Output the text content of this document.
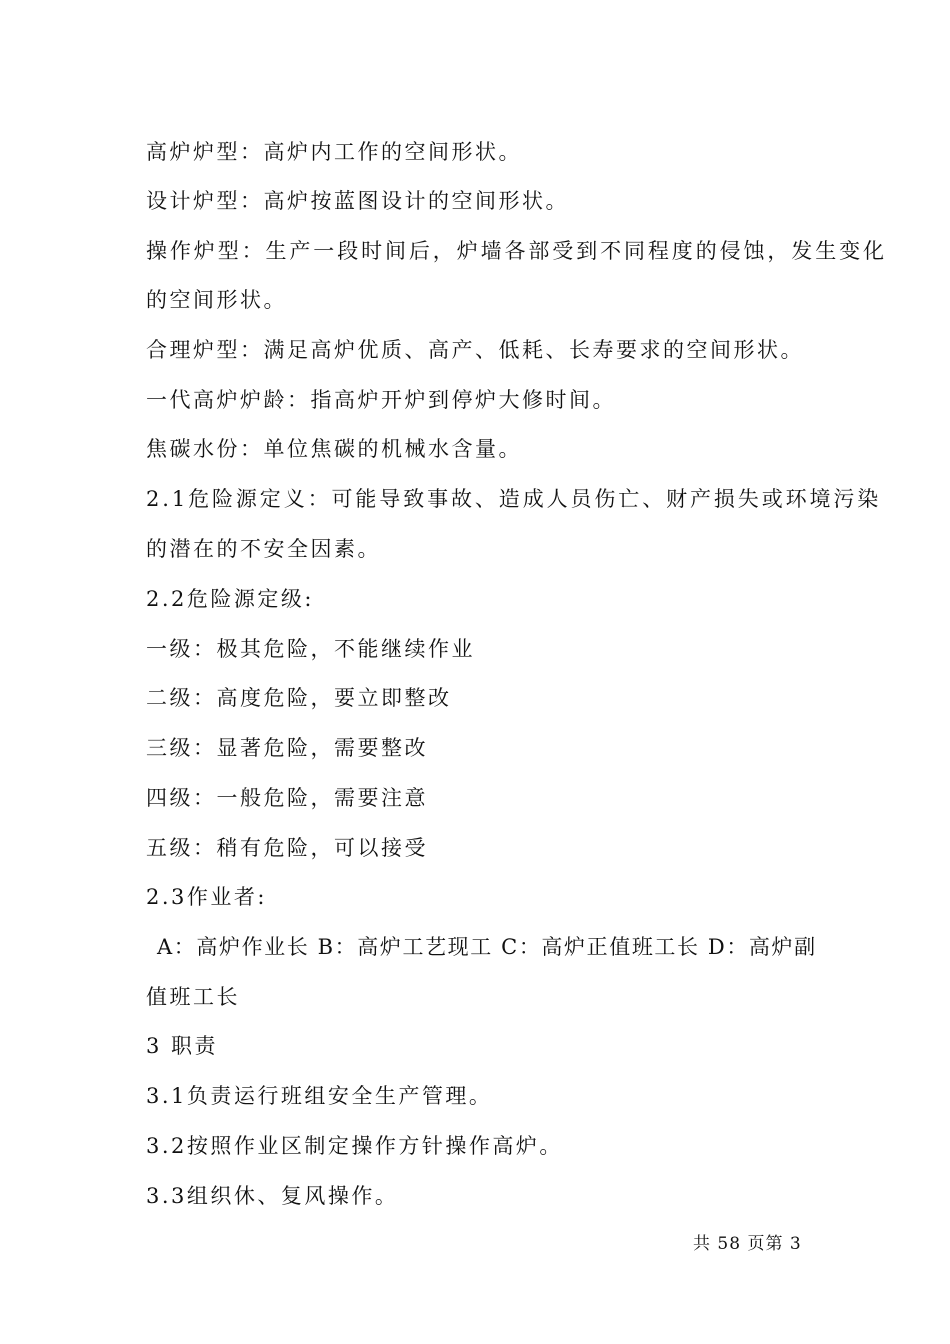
高炉炉型：高炉内工作的空间形状。
设计炉型：高炉按蓝图设计的空间形状。
操作炉型：生产一段时间后，炉墙各部受到不同程度的侵蚀，发生变化
的空间形状。
合理炉型：满足高炉优质、高产、低耗、长寿要求的空间形状。
一代高炉炉龄：指高炉开炉到停炉大修时间。
焦碳水份：单位焦碳的机械水含量。
2.1危险源定义：可能导致事故、造成人员伤亡、财产损失或环境污染
的潜在的不安全因素。
2.2危险源定级:
一级：极其危险，不能继续作业
二级：高度危险，要立即整改
三级：显著危险，需要整改
四级：一般危险，需要注意
五级：稍有危险，可以接受
2.3作业者:
A：高炉作业长 B：高炉工艺现工 C：高炉正值班工长 D：高炉副
值班工长
3 职责
3.1负责运行班组安全生产管理。
3.2按照作业区制定操作方针操作高炉。
3.3组织休、复风操作。
共 58 页第 3
